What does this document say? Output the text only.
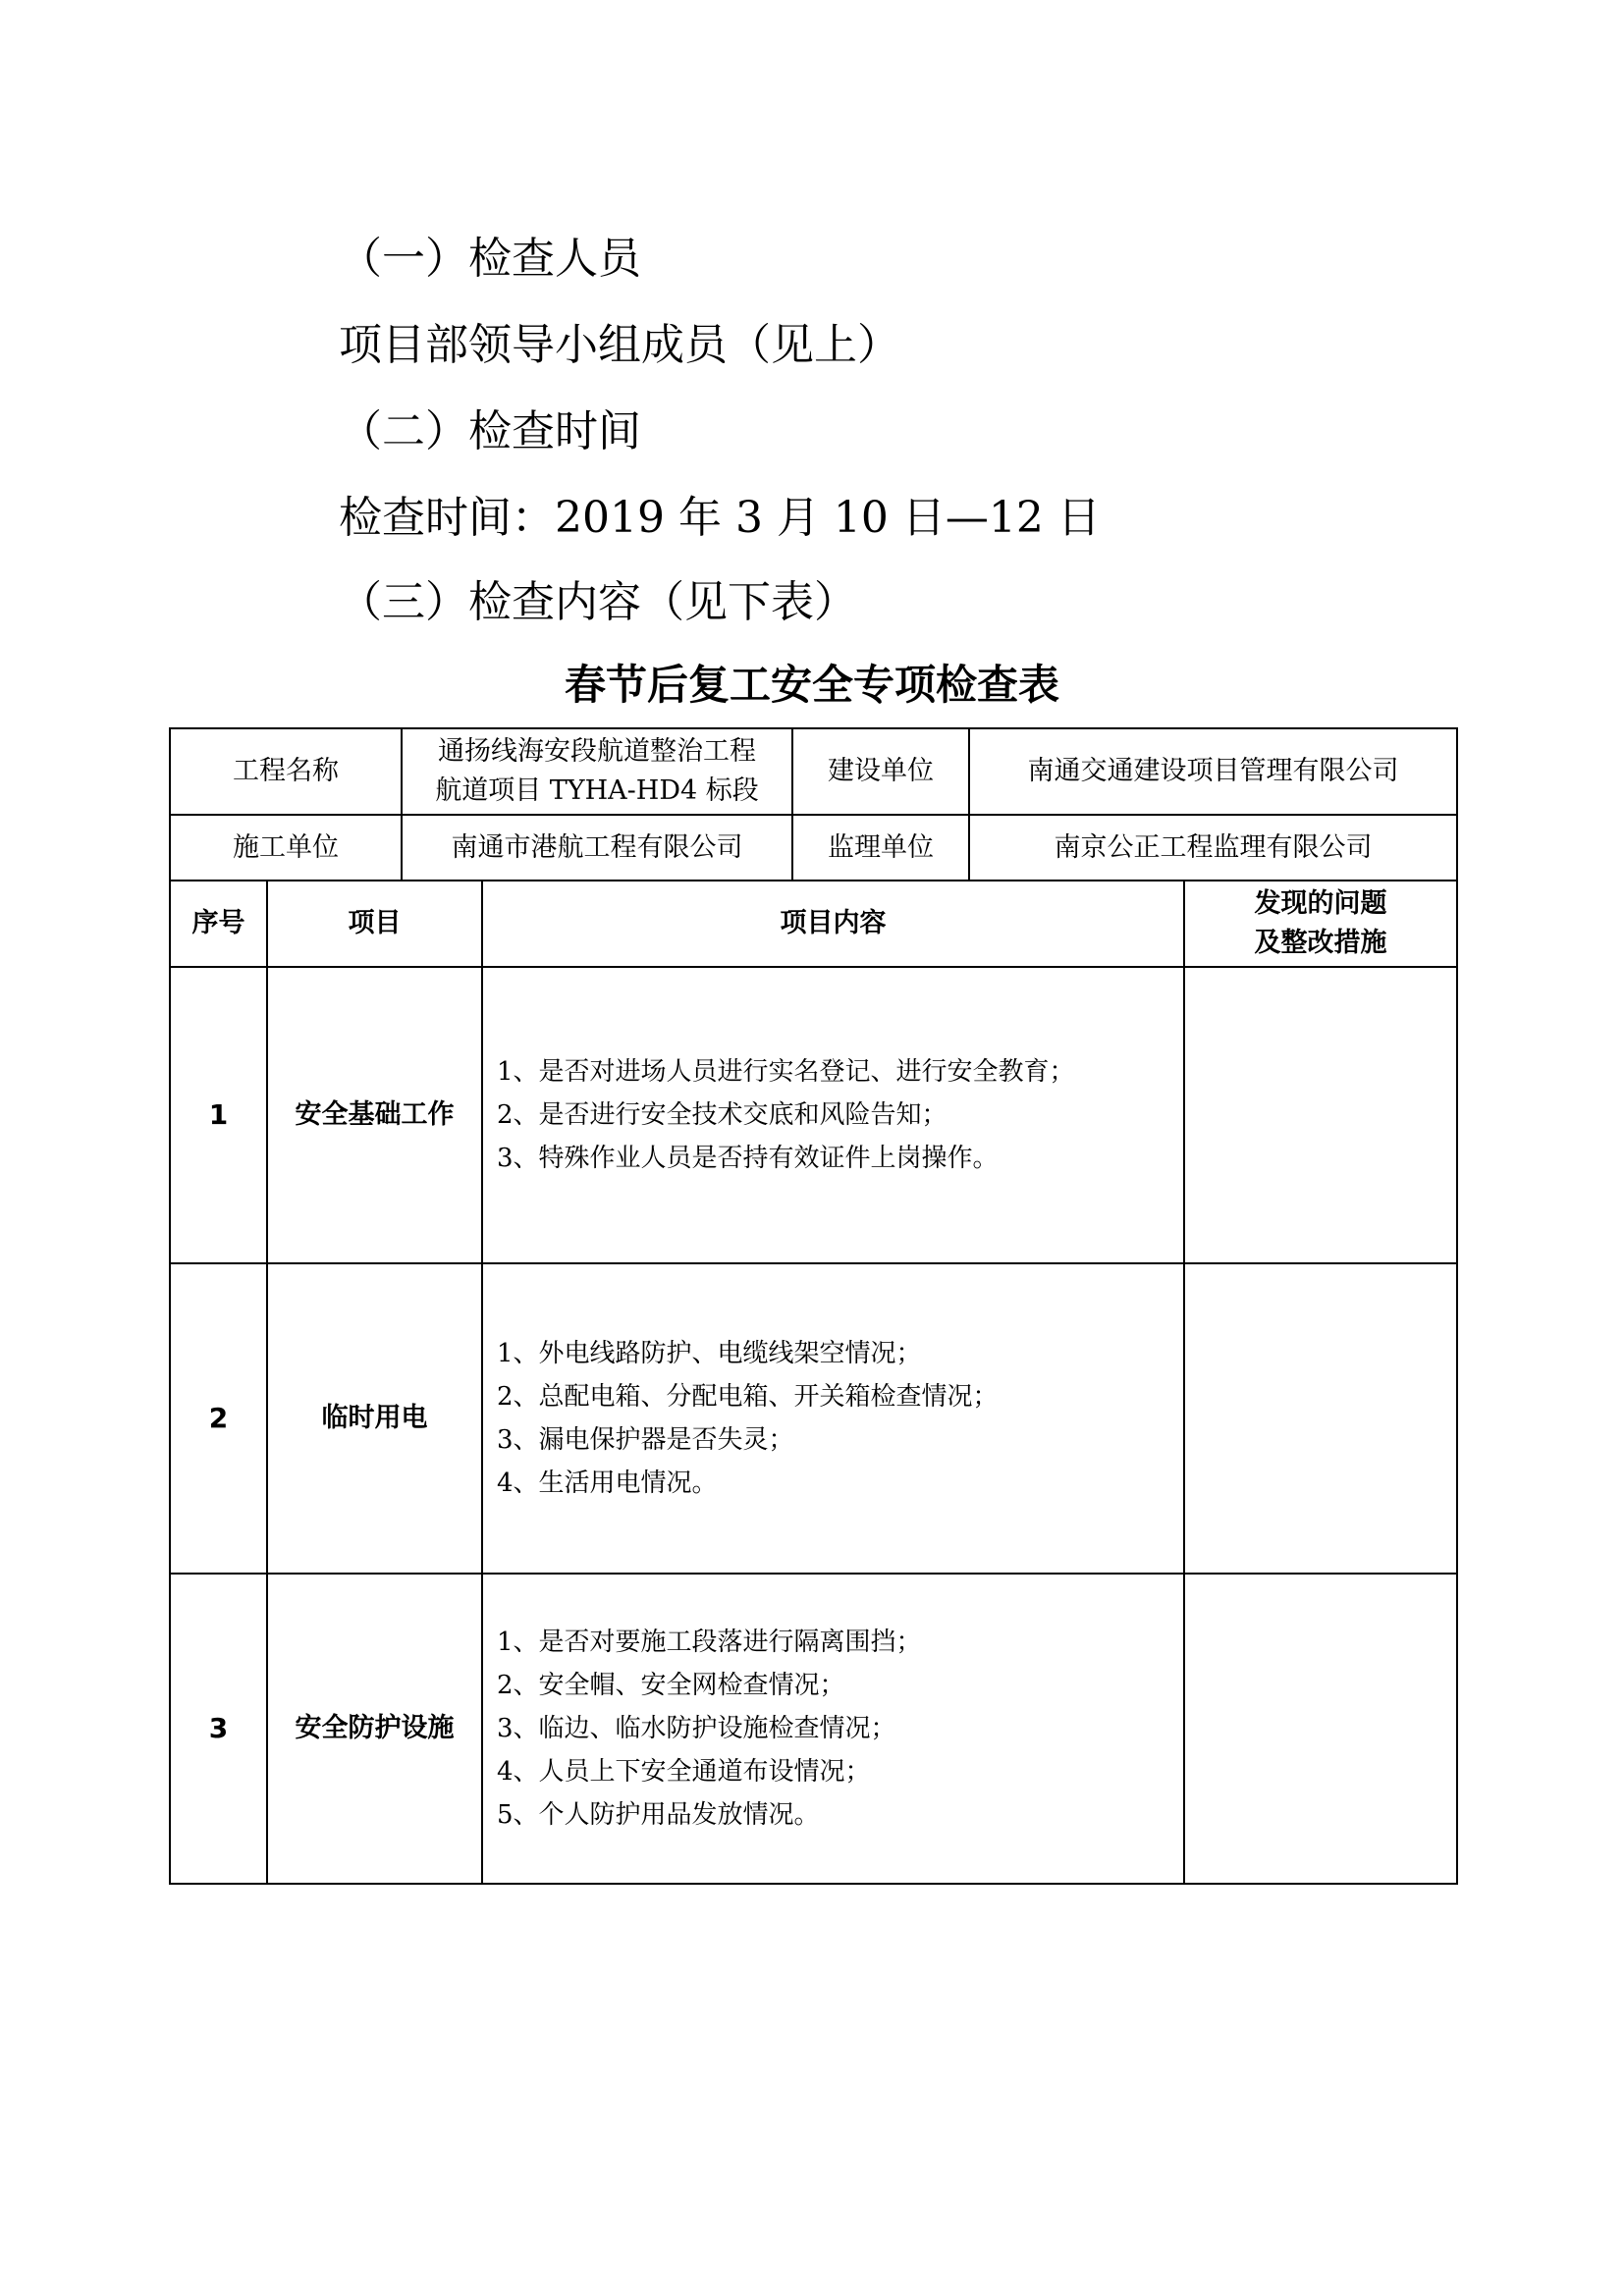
（一）检查人员
项目部领导小组成员（见上）
（二）检查时间
检查时间：2019 年 3 月 10 日—12 日
（三）检查内容（见下表）
春节后复工安全专项检查表
工程名称	通扬线海安段航道整治工程
航道项目 TYHA-HD4 标段	建设单位	南通交通建设项目管理有限公司
施工单位	南通市港航工程有限公司	监理单位	南京公正工程监理有限公司
序号	项目	项目内容	发现的问题
及整改措施

1	安全基础工作	1、是否对进场人员进行实名登记、进行安全教育；
2、是否进行安全技术交底和风险告知；
3、特殊作业人员是否持有效证件上岗操作。	

2	临时用电	1、外电线路防护、电缆线架空情况；
2、总配电箱、分配电箱、开关箱检查情况；
3、漏电保护器是否失灵；
4、生活用电情况。	

3	安全防护设施	1、是否对要施工段落进行隔离围挡；
2、安全帽、安全网检查情况；
3、临边、临水防护设施检查情况；
4、人员上下安全通道布设情况；
5、个人防护用品发放情况。	
